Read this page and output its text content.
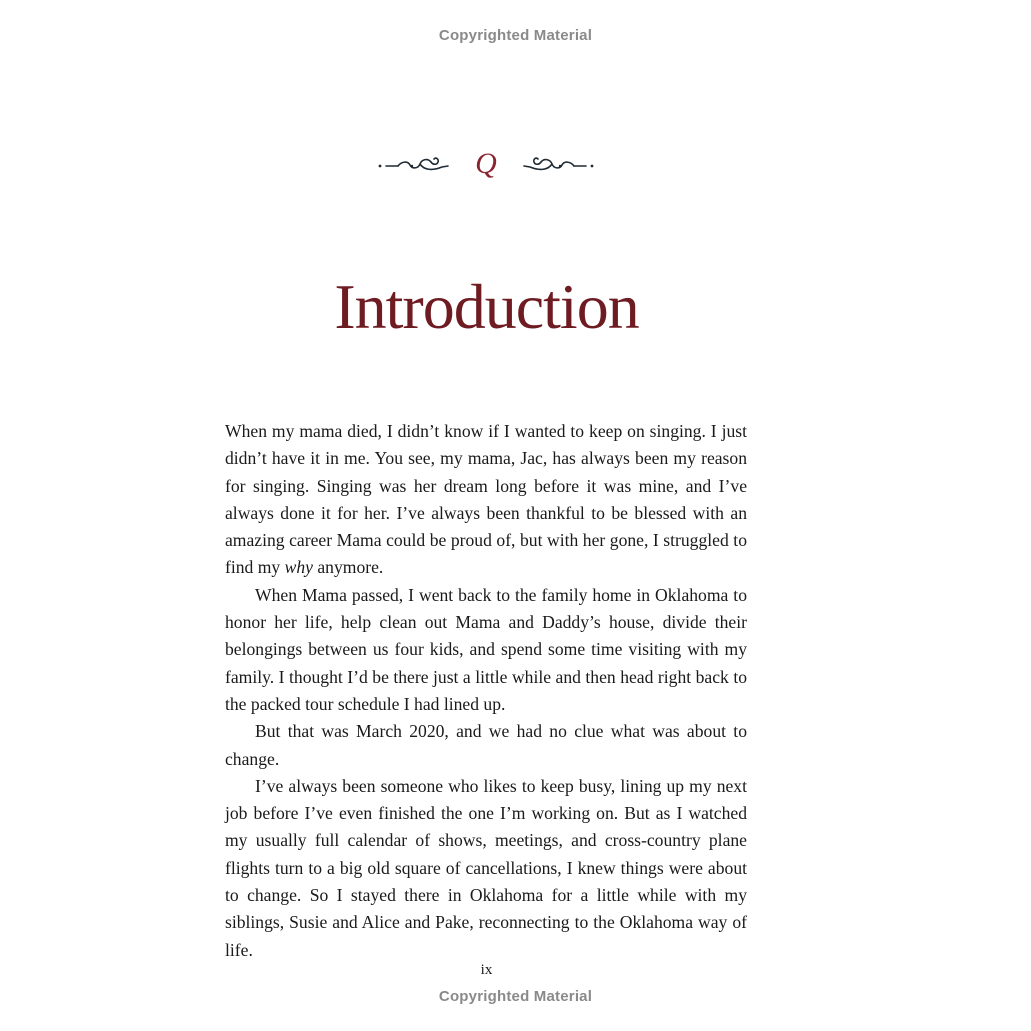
Copyrighted Material
Q
Introduction

When my mama died, I didn’t know if I wanted to keep on singing. I just didn’t have it in me. You see, my mama, Jac, has always been my reason for singing. Singing was her dream long before it was mine, and I’ve always done it for her. I’ve always been thankful to be blessed with an amazing career Mama could be proud of, but with her gone, I struggled to find my why anymore.

When Mama passed, I went back to the family home in Oklahoma to honor her life, help clean out Mama and Daddy’s house, divide their belongings between us four kids, and spend some time visiting with my family. I thought I’d be there just a little while and then head right back to the packed tour schedule I had lined up.

But that was March 2020, and we had no clue what was about to change.

I’ve always been someone who likes to keep busy, lining up my next job before I’ve even finished the one I’m working on. But as I watched my usually full calendar of shows, meetings, and cross-country plane flights turn to a big old square of cancellations, I knew things were about to change. So I stayed there in Oklahoma for a little while with my siblings, Susie and Alice and Pake, reconnecting to the Oklahoma way of life.

ix
Copyrighted Material
